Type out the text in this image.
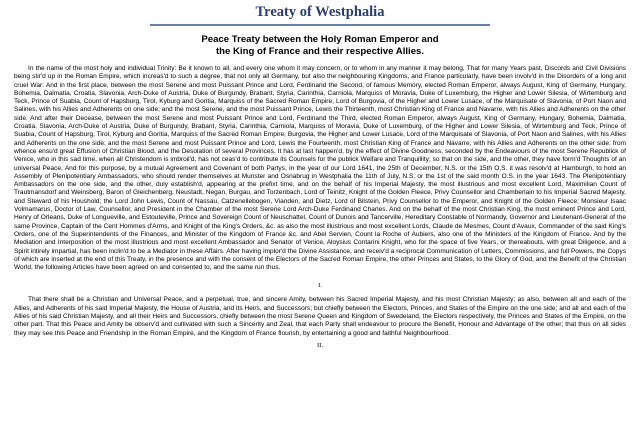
Treaty of Westphalia
Peace Treaty between the Holy Roman Emperor and
the King of France and their respective Allies.

In the name of the most holy and individual Trinity: Be it known to all, and every one whom it may concern, or to whom in any manner it may belong, That for many Years past, Discords and Civil Divisions being stir'd up in the Roman Empire, which increas'd to such a degree, that not only all Germany, but also the neighbouring Kingdoms, and France particularly, have been involv'd in the Disorders of a long and cruel War: And in the first place, between the most Serene and most Puissant Prince and Lord, Ferdinand the Second, of famous Memory, elected Roman Emperor, always August, King of Germany, Hungary, Bohemia, Dalmatia, Croatia, Slavonia, Arch-Duke of Austria, Duke of Burgundy, Brabant, Styria, Carinthia, Carniola, Marquiss of Moravia, Duke of Luxemburg, the Higher and Lower Silesia, of Wirtemburg and Teck, Prince of Suabia, Count of Hapsburg, Tirol, Kyburg and Goritia, Marquiss of the Sacred Roman Empire, Lord of Burgovia, of the Higher and Lower Lusace, of the Marquisate of Slavonia, of Port Naon and Salines, with his Allies and Adherents on one side; and the most Serene, and the most Puissant Prince, Lewis the Thirteenth, most Christian King of France and Navarre, with his Allies and Adherents on the other side. And after their Decease, between the most Serene and most Puissant Prince and Lord, Ferdinand the Third, elected Roman Emperor, always August, King of Germany, Hungary, Bohemia, Dalmatia, Croatia, Slavonia, Arch-Duke of Austria, Duke of Burgundy, Brabant, Styria, Carinthia, Carniola, Marquiss of Moravia, Duke of Luxemburg, of the Higher and Lower Silesia, of Wirtemburg and Teck, Prince of Suabia, Count of Hapsburg, Tirol, Kyburg and Goritia, Marquiss of the Sacred Roman Empire, Burgovia, the Higher and Lower Lusace, Lord of the Marquisate of Slavonia, of Port Naon and Salines, with his Allies and Adherents on the one side; and the most Serene and most Puissant Prince and Lord, Lewis the Fourteenth, most Christian King of France and Navarre, with his Allies and Adherents on the other side: from whence ensu'd great Effusion of Christian Blood, and the Desolation of several Provinces. It has at last happen'd, by the effect of Divine Goodness, seconded by the Endeavours of the most Serene Republick of Venice, who in this sad time, when all Christendom is imbroil'd, has not ceas'd to contribute its Counsels for the publick Welfare and Tranquillity; so that on the side, and the other, they have form'd Thoughts of an universal Peace. And for this purpose, by a mutual Agreement and Covenant of both Partys, in the year of our Lord 1641, the 25th of December, N.S. or the 15th O.S. it was resolv'd at Hamburgh, to hold an Assembly of Plenipotentiary Ambassadors, who should render themselves at Munster and Osnabrug in Westphalia the 11th of July, N.S. or the 1st of the said month O.S. in the year 1643. The Plenipotentiary Ambassadors on the one side, and the other, duly establish'd, appearing at the prefixt time, and on the behalf of his Imperial Majesty, the most illustrious and most excellent Lord, Maximilian Count of Trautmansdorf and Weinsberg, Baron of Gleichenberg, Neustadt, Negan, Burgau, and Torzenbach, Lord of Teinitz, Knight of the Golden Fleece, Privy Counsellor and Chamberlain to his Imperial Sacred Majesty, and Steward of his Houshold; the Lord John Lewis, Count of Nassau, Catzenellebogen, Vianden, and Dietz, Lord of Bilstein, Privy Counsellor to the Emperor, and Knight of the Golden Fleece; Monsieur Isaac Volmamarus, Doctor of Law, Counsellor, and President in the Chamber of the most Serene Lord Arch-Duke Ferdinand Charles. And on the behalf of the most Christian King, the most eminent Prince and Lord, Henry of Orleans, Duke of Longueville, and Estouteville, Prince and Sovereign Count of Neuschattel, Count of Dunois and Tancerville, Hereditary Constable of Normandy, Governor and Lieutenant-General of the same Province, Captain of the Cent Hommes d'Arms, and Knight of the King's Orders, &c. as also the most illustrious and most excellent Lords, Claude de Mesmes, Count d'Avaux, Commander of the said King's Orders, one of the Superintendents of the Finances, and Minister of the Kingdom of France &c. and Abel Servien, Count la Roche of Aubiers, also one of the Ministers of the Kingdom of France. And by the Mediation and Interposition of the most illustrious and most excellent Ambassador and Senator of Venice, Aloysius Contarini Knight, who for the space of five Years, or thereabouts, with great Diligence, and a Spirit intirely impartial, has been inclin'd to be a Mediator in these Affairs. After having implor'd the Divine Assistance, and receiv'd a reciprocal Communication of Letters, Commissions, and full Powers, the Copys of which are inserted at the end of this Treaty, in the presence and with the consent of the Electors of the Sacred Roman Empire, the other Princes and States, to the Glory of God, and the Benefit of the Christian World, the following Articles have been agreed on and consented to, and the same run thus.

I.

That there shall be a Christian and Universal Peace, and a perpetual, true, and sincere Amity, between his Sacred Imperial Majesty, and his most Christian Majesty; as also, between all and each of the Allies, and Adherents of his said Imperial Majesty, the House of Austria, and its Heirs, and Successors; but chiefly between the Electors, Princes, and States of the Empire on the one side; and all and each of the Allies of his said Christian Majesty, and all their Heirs and Successors, chiefly between the most Serene Queen and Kingdom of Swedeland, the Electors respectively, the Princes and States of the Empire, on the other part. That this Peace and Amity be observ'd and cultivated with such a Sincerity and Zeal, that each Party shall endeavour to procure the Benefit, Honour and Advantage of the other; that thus on all sides they may see this Peace and Friendship in the Roman Empire, and the Kingdom of France flourish, by entertaining a good and faithful Neighbourhood.

II.
